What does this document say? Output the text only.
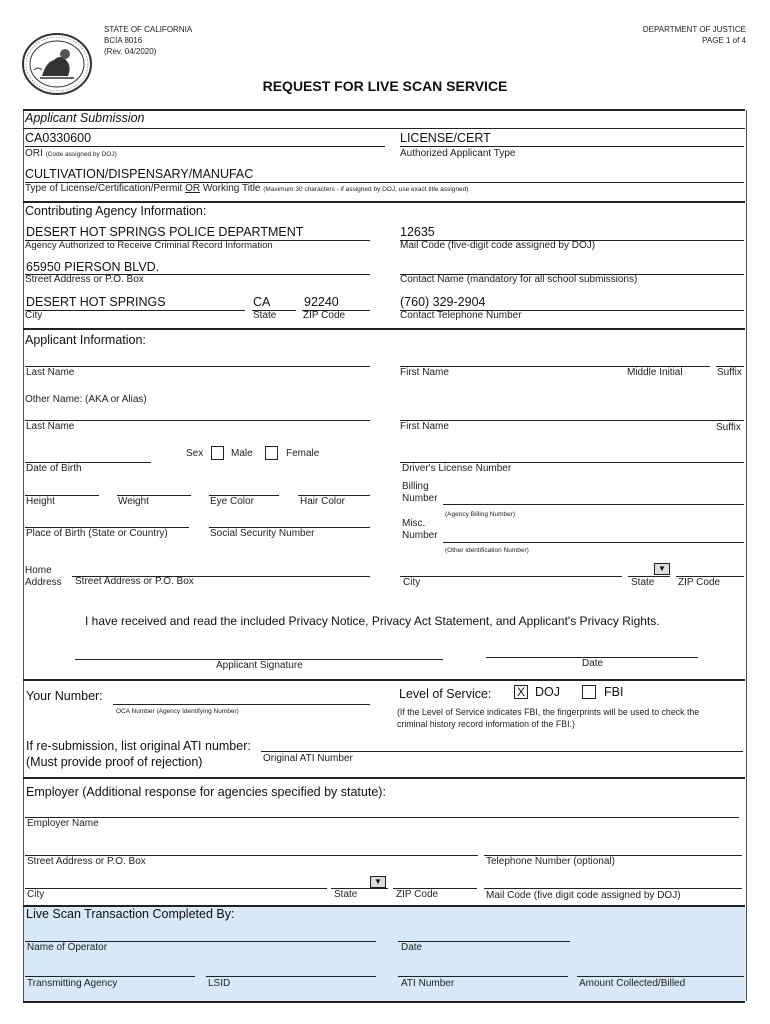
STATE OF CALIFORNIA
BCIA 8016
(Rev. 04/2020)
DEPARTMENT OF JUSTICE
PAGE 1 of 4
REQUEST FOR LIVE SCAN SERVICE
Applicant Submission
CA0330600
ORI (Code assigned by DOJ)
LICENSE/CERT
Authorized Applicant Type
CULTIVATION/DISPENSARY/MANUFAC
Type of License/Certification/Permit OR Working Title (Maximum 30 characters - if assigned by DOJ, use exact title assigned)
Contributing Agency Information:
DESERT HOT SPRINGS POLICE DEPARTMENT
Agency Authorized to Receive Criminal Record Information
12635
Mail Code (five-digit code assigned by DOJ)
65950 PIERSON BLVD.
Street Address or P.O. Box	Contact Name (mandatory for all school submissions)
DESERT HOT SPRINGS
City
CA
State
92240
ZIP Code
(760) 329-2904
Contact Telephone Number
Applicant Information:
Last Name	First Name	Middle Initial	Suffix
Other Name: (AKA or Alias)
Last Name	First Name	Suffix
Sex	Male	Female
Date of Birth	Driver's License Number
Height	Weight	Eye Color	Hair Color
Billing
Number
(Agency Billing Number)
Place of Birth (State or Country)	Social Security Number
Misc.
Number
(Other Identification Number)
Home
Address Street Address or P.O. Box	City
▼
State ZIP Code
I have received and read the included Privacy Notice, Privacy Act Statement, and Applicant's Privacy Rights.
Applicant Signature	Date
Your Number:
OCA Number (Agency Identifying Number)
Level of Service: X DOJ	FBI
(If the Level of Service indicates FBI, the fingerprints will be used to check the
criminal history record information of the FBI.)
If re-submission, list original ATI number:
(Must provide proof of rejection)	Original ATI Number
Employer (Additional response for agencies specified by statute):
Employer Name
Street Address or P.O. Box	Telephone Number (optional)
City
▼
State	ZIP Code	Mail Code (five digit code assigned by DOJ)
Live Scan Transaction Completed By:
Name of Operator	Date
Transmitting Agency	LSID	ATI Number	Amount Collected/Billed
